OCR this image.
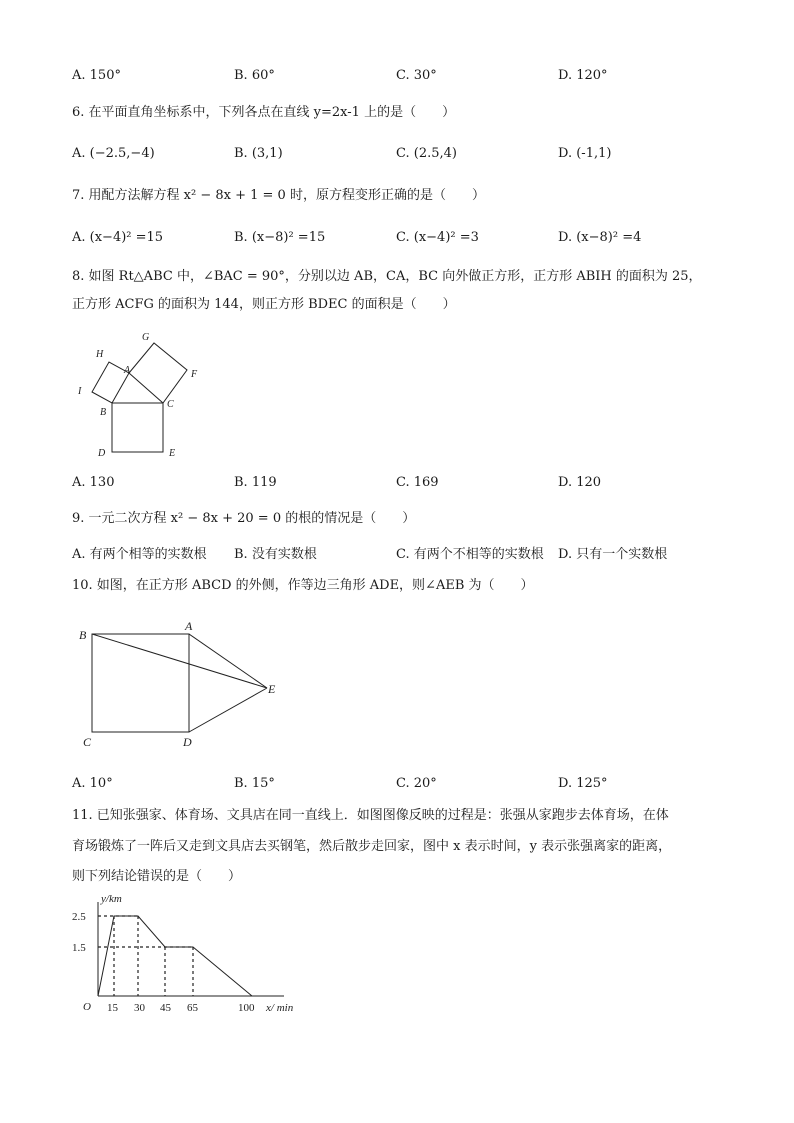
A. 150°	B. 60°	C. 30°	D. 120°
6. 在平面直角坐标系中，下列各点在直线 y=2x-1 上的是（　　）
A. (−2.5,−4)	B. (3,1)	C. (2.5,4)	D. (-1,1)
7. 用配方法解方程 x² − 8x + 1 = 0 时，原方程变形正确的是（　　）
A. (x−4)² =15	B. (x−8)² =15	C. (x−4)² =3	D. (x−8)² =4
8. 如图 Rt△ABC 中，∠BAC = 90°，分别以边 AB，CA，BC 向外做正方形，正方形 ABIH 的面积为 25，
正方形 ACFG 的面积为 144，则正方形 BDEC 的面积是（　　）
H
G
A	F
I
B
C
D	E
A. 130	B. 119	C. 169	D. 120
9. 一元二次方程 x² − 8x + 20 = 0 的根的情况是（　　）
A. 有两个相等的实数根 B. 没有实数根	C. 有两个不相等的实数根 D. 只有一个实数根
10. 如图，在正方形 ABCD 的外侧，作等边三角形 ADE，则∠AEB 为（　　）
B
A
E
C	D
A. 10°	B. 15°	C. 20°	D. 125°
11. 已知张强家、体育场、文具店在同一直线上．如图图像反映的过程是：张强从家跑步去体育场，在体
育场锻炼了一阵后又走到文具店去买钢笔，然后散步走回家，图中 x 表示时间，y 表示张强离家的距离，
则下列结论错误的是（　　）
y/km
x/ min
O
2.5
1.5
15 30 45 65	100
